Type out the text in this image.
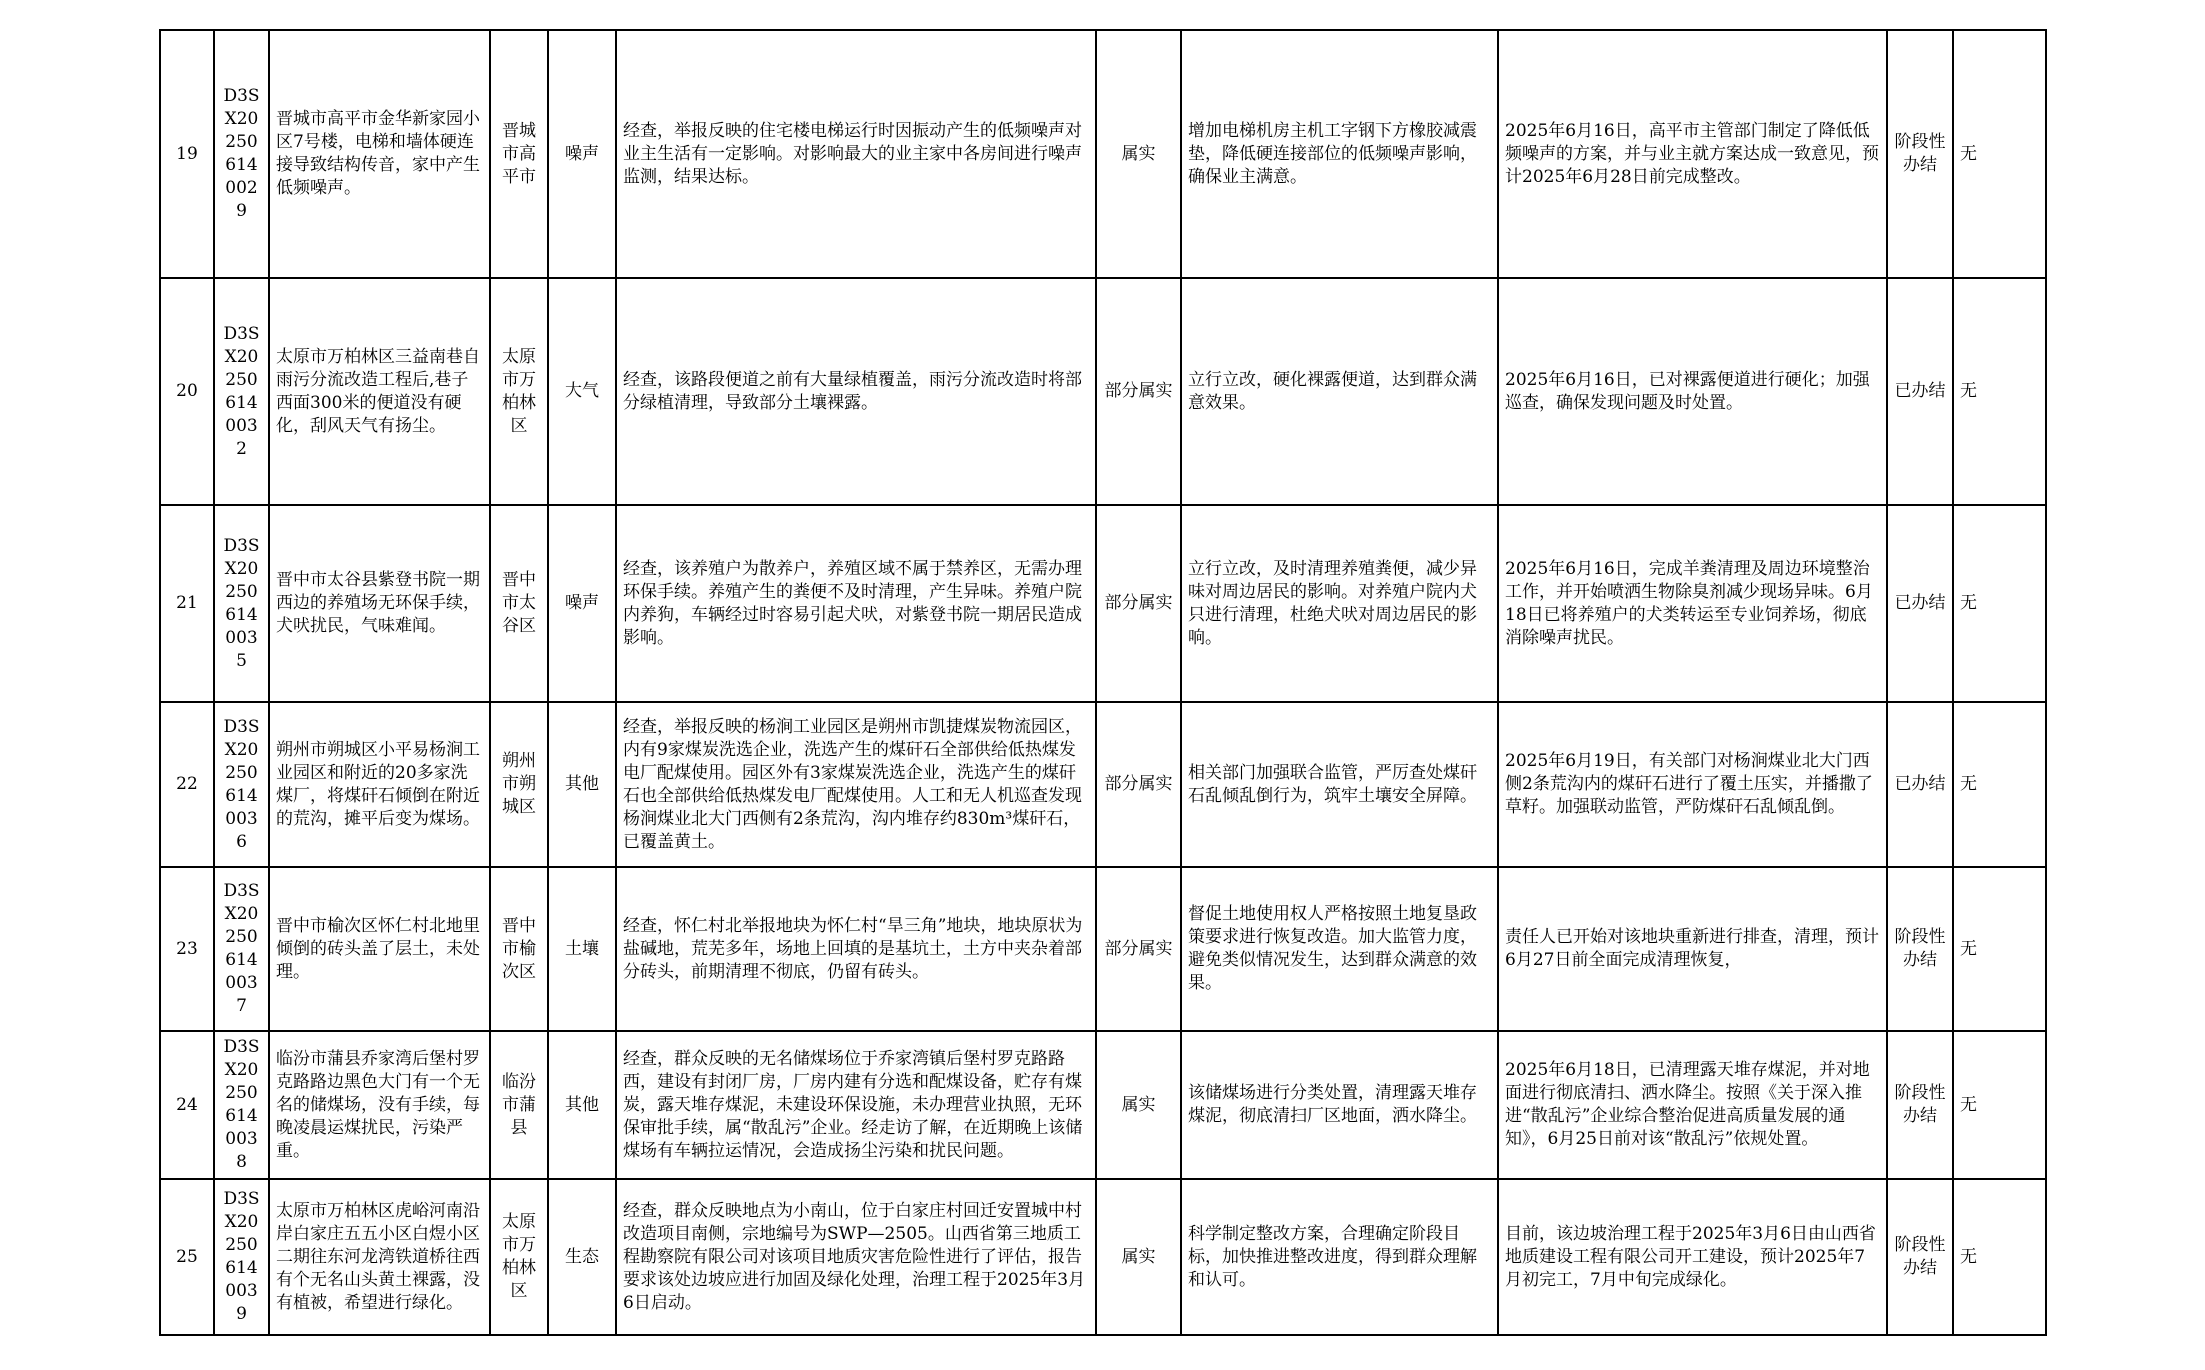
19	D3SX20250614002​9	晋城市高平市金华新家园小区7号楼，电梯和墙体硬连接导致结构传音，家中产生低频噪声。	晋城市高平市	噪声	经查，举报反映的住宅楼电梯运行时因振动产生的低频噪声对业主生活有一定影响。对影响最大的业主家中各房间进行噪声监测，结果达标。	属实	增加电梯机房主机工字钢下方橡胶减震垫，降低硬连接部位的低频噪声影响，确保业主满意。	2025年6月16日，高平市主管部门制定了降低低频噪声的方案，并与业主就方案达成一致意见，预计2025年6月28日前完成整改。	阶段性办结	无
20	D3SX20250614003​2	太原市万柏林区三益南巷自雨污分流改造工程后,巷子西面300米的便道没有硬化，刮风天气有扬尘。	太原市万柏林区	大气	经查，该路段便道之前有大量绿植覆盖，雨污分流改造时将部分绿植清理，导致部分土壤裸露。	部分属实	立行立改，硬化裸露便道，达到群众满意效果。	2025年6月16日，已对裸露便道进行硬化；加强巡查，确保发现问题及时处置。	已办结	无
21	D3SX20250614003​5	晋中市太谷县紫登书院一期西边的养殖场无环保手续，犬吠扰民，气味难闻。	晋中市太谷区	噪声	经查，该养殖户为散养户，养殖区域不属于禁养区，无需办理环保手续。养殖产生的粪便不及时清理，产生异味。养殖户院内养狗，车辆经过时容易引起犬吠，对紫登书院一期居民造成影响。	部分属实	立行立改，及时清理养殖粪便，减少异味对周边居民的影响。对养殖户院内犬只进行清理，杜绝犬吠对周边居民的影响。	2025年6月16日，完成羊粪清理及周边环境整治工作，并开始喷洒生物除臭剂减少现场异味。6月18日已将养殖户的犬类转运至专业饲养场，彻底消除噪声扰民。	已办结	无
22	D3SX20250614003​6	朔州市朔城区小平易杨涧工业园区和附近的20多家洗煤厂，将煤矸石倾倒在附近的荒沟，摊平后变为煤场。	朔州市朔城区	其他	经查，举报反映的杨涧工业园区是朔州市凯捷煤炭物流园区，内有9家煤炭洗选企业，洗选产生的煤矸石全部供给低热煤发电厂配煤使用。园区外有3家煤炭洗选企业，洗选产生的煤矸石也全部供给低热煤发电厂配煤使用。人工和无人机巡查发现杨涧煤业北大门西侧有2条荒沟，沟内堆存约830m³煤矸石，已覆盖黄土。	部分属实	相关部门加强联合监管，严厉查处煤矸石乱倾乱倒行为，筑牢土壤安全屏障。	2025年6月19日，有关部门对杨涧煤业北大门西侧2条荒沟内的煤矸石进行了覆土压实，并播撒了草籽。加强联动监管，严防煤矸石乱倾乱倒。	已办结	无
23	D3SX20250614003​7	晋中市榆次区怀仁村北地里倾倒的砖头盖了层土，未处理。	晋中市榆次区	土壤	经查，怀仁村北举报地块为怀仁村“旱三角”地块，地块原状为盐碱地，荒芜多年，场地上回填的是基坑土，土方中夹杂着部分砖头，前期清理不彻底，仍留有砖头。	部分属实	督促土地使用权人严格按照土地复垦政策要求进行恢复改造。加大监管力度，避免类似情况发生，达到群众满意的效果。	责任人已开始对该地块重新进行排查，清理，预计6月27日前全面完成清理恢复，	阶段性办结	无
24	D3SX20250614003​8	临汾市蒲县乔家湾后堡村罗克路路边黑色大门有一个无名的储煤场，没有手续，每晚凌晨运煤扰民，污染严重。	临汾市蒲县	其他	经查，群众反映的无名储煤场位于乔家湾镇后堡村罗克路路西，建设有封闭厂房，厂房内建有分选和配煤设备，贮存有煤炭，露天堆存煤泥，未建设环保设施，未办理营业执照，无环保审批手续，属“散乱污”企业。经走访了解，在近期晚上该储煤场有车辆拉运情况，会造成扬尘污染和扰民问题。	属实	该储煤场进行分类处置，清理露天堆存煤泥，彻底清扫厂区地面，洒水降尘。	2025年6月18日，已清理露天堆存煤泥，并对地面进行彻底清扫、洒水降尘。按照《关于深入推进“散乱污”企业综合整治促进高质量发展的通知》，6月25日前对该“散乱污”依规处置。	阶段性办结	无
25	D3SX20250614003​9	太原市万柏林区虎峪河南沿岸白家庄五五小区白煜小区二期往东河龙湾铁道桥往西有个无名山头黄土裸露，没有植被，希望进行绿化。	太原市万柏林区	生态	经查，群众反映地点为小南山，位于白家庄村回迁安置城中村改造项目南侧，宗地编号为SWP—2505。山西省第三地质工程勘察院有限公司对该项目地质灾害危险性进行了评估，报告要求该处边坡应进行加固及绿化处理，治理工程于2025年3月6日启动。	属实	科学制定整改方案，合理确定阶段目标，加快推进整改进度，得到群众理解和认可。	目前，该边坡治理工程于2025年3月6日由山西省地质建设工程有限公司开工建设，预计2025年7月初完工，7月中旬完成绿化。	阶段性办结	无
